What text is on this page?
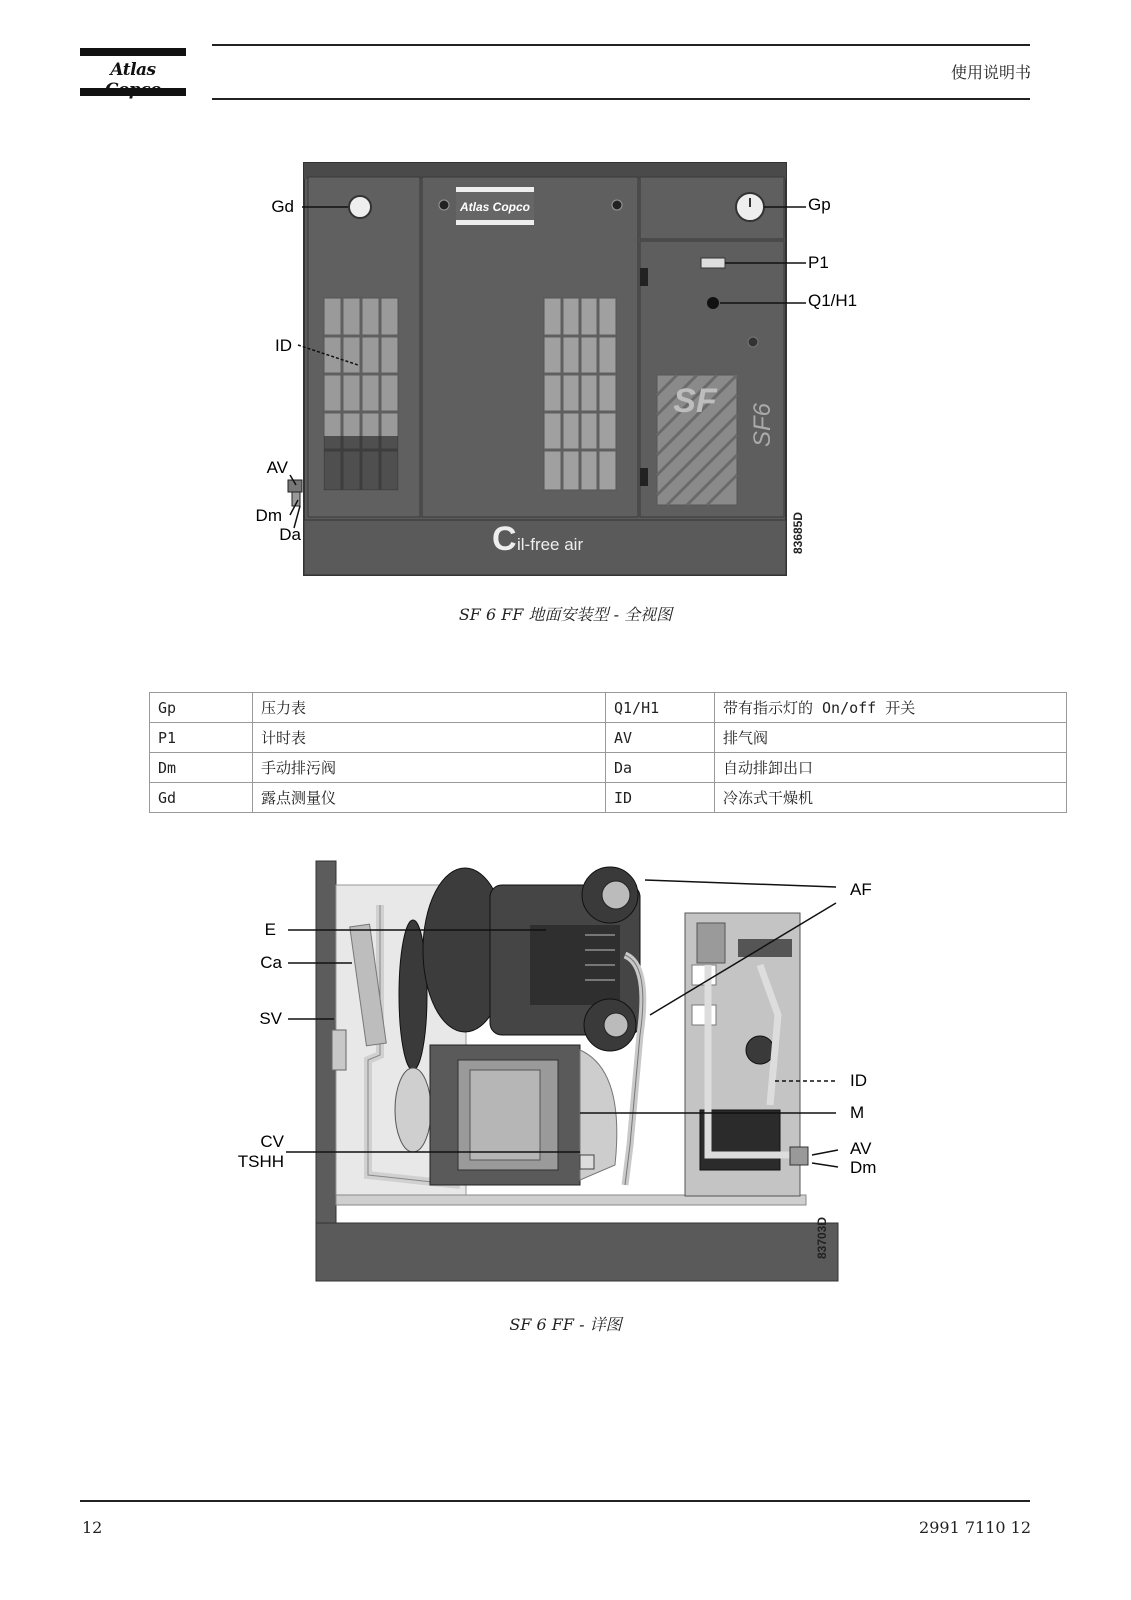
Atlas	使用说明书
Atlas Copco
SF
SF6
C il-free air	83685D
Gd	Gp
P1
Q1/H1
ID
AV
Dm
Da
SF 6 FF 地面安装型 - 全视图
Gp	压力表	Q1/H1	带有指示灯的 On/off 开关
P1	计时表	AV	排气阀
Dm	手动排污阀	Da	自动排卸出口
Gd	露点测量仪	ID	冷冻式干燥机
E
Ca
SV
CV
TSHH
AF
ID
M
AV
Dm
83703D
SF 6 FF - 详图
12	2991 7110 12
